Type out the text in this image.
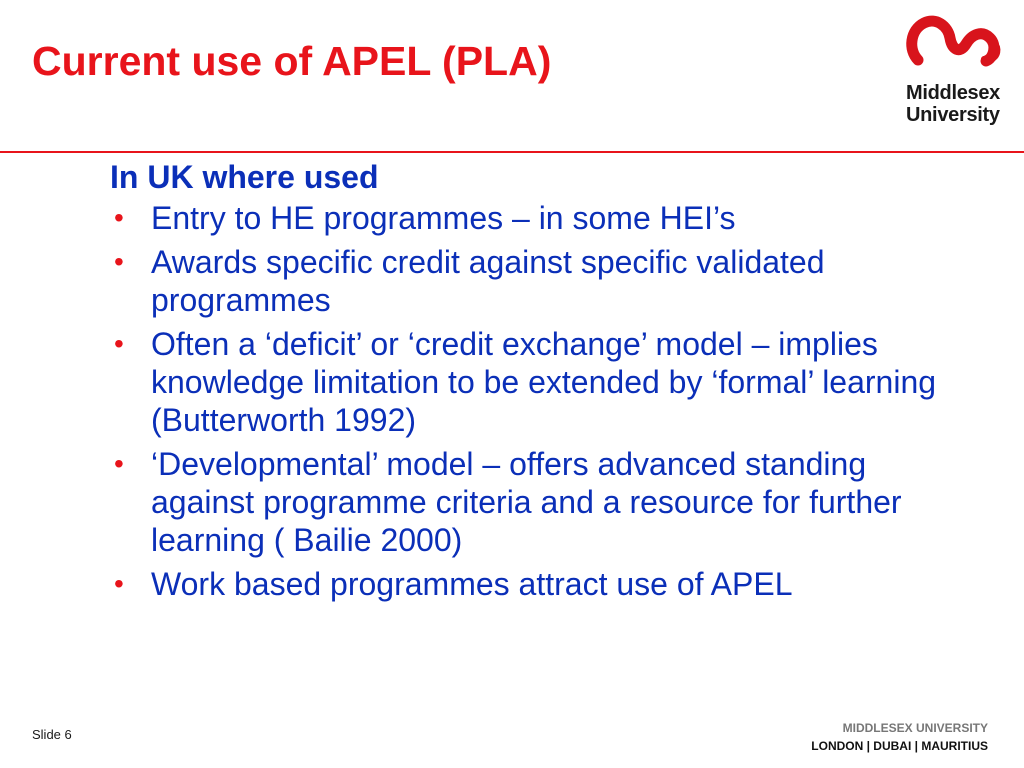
Current use of APEL (PLA)
Middlesex
University
In UK where used
• Entry to HE programmes – in some HEI’s
• Awards specific credit against specific validated programmes
• Often a ‘deficit’ or ‘credit exchange’ model – implies knowledge limitation to be extended by ‘formal’ learning (Butterworth 1992)
• ‘Developmental’ model – offers advanced standing against programme criteria and a resource for further learning ( Bailie 2000)
• Work based programmes attract use of APEL
Slide 6	MIDDLESEX UNIVERSITY
LONDON | DUBAI | MAURITIUS
